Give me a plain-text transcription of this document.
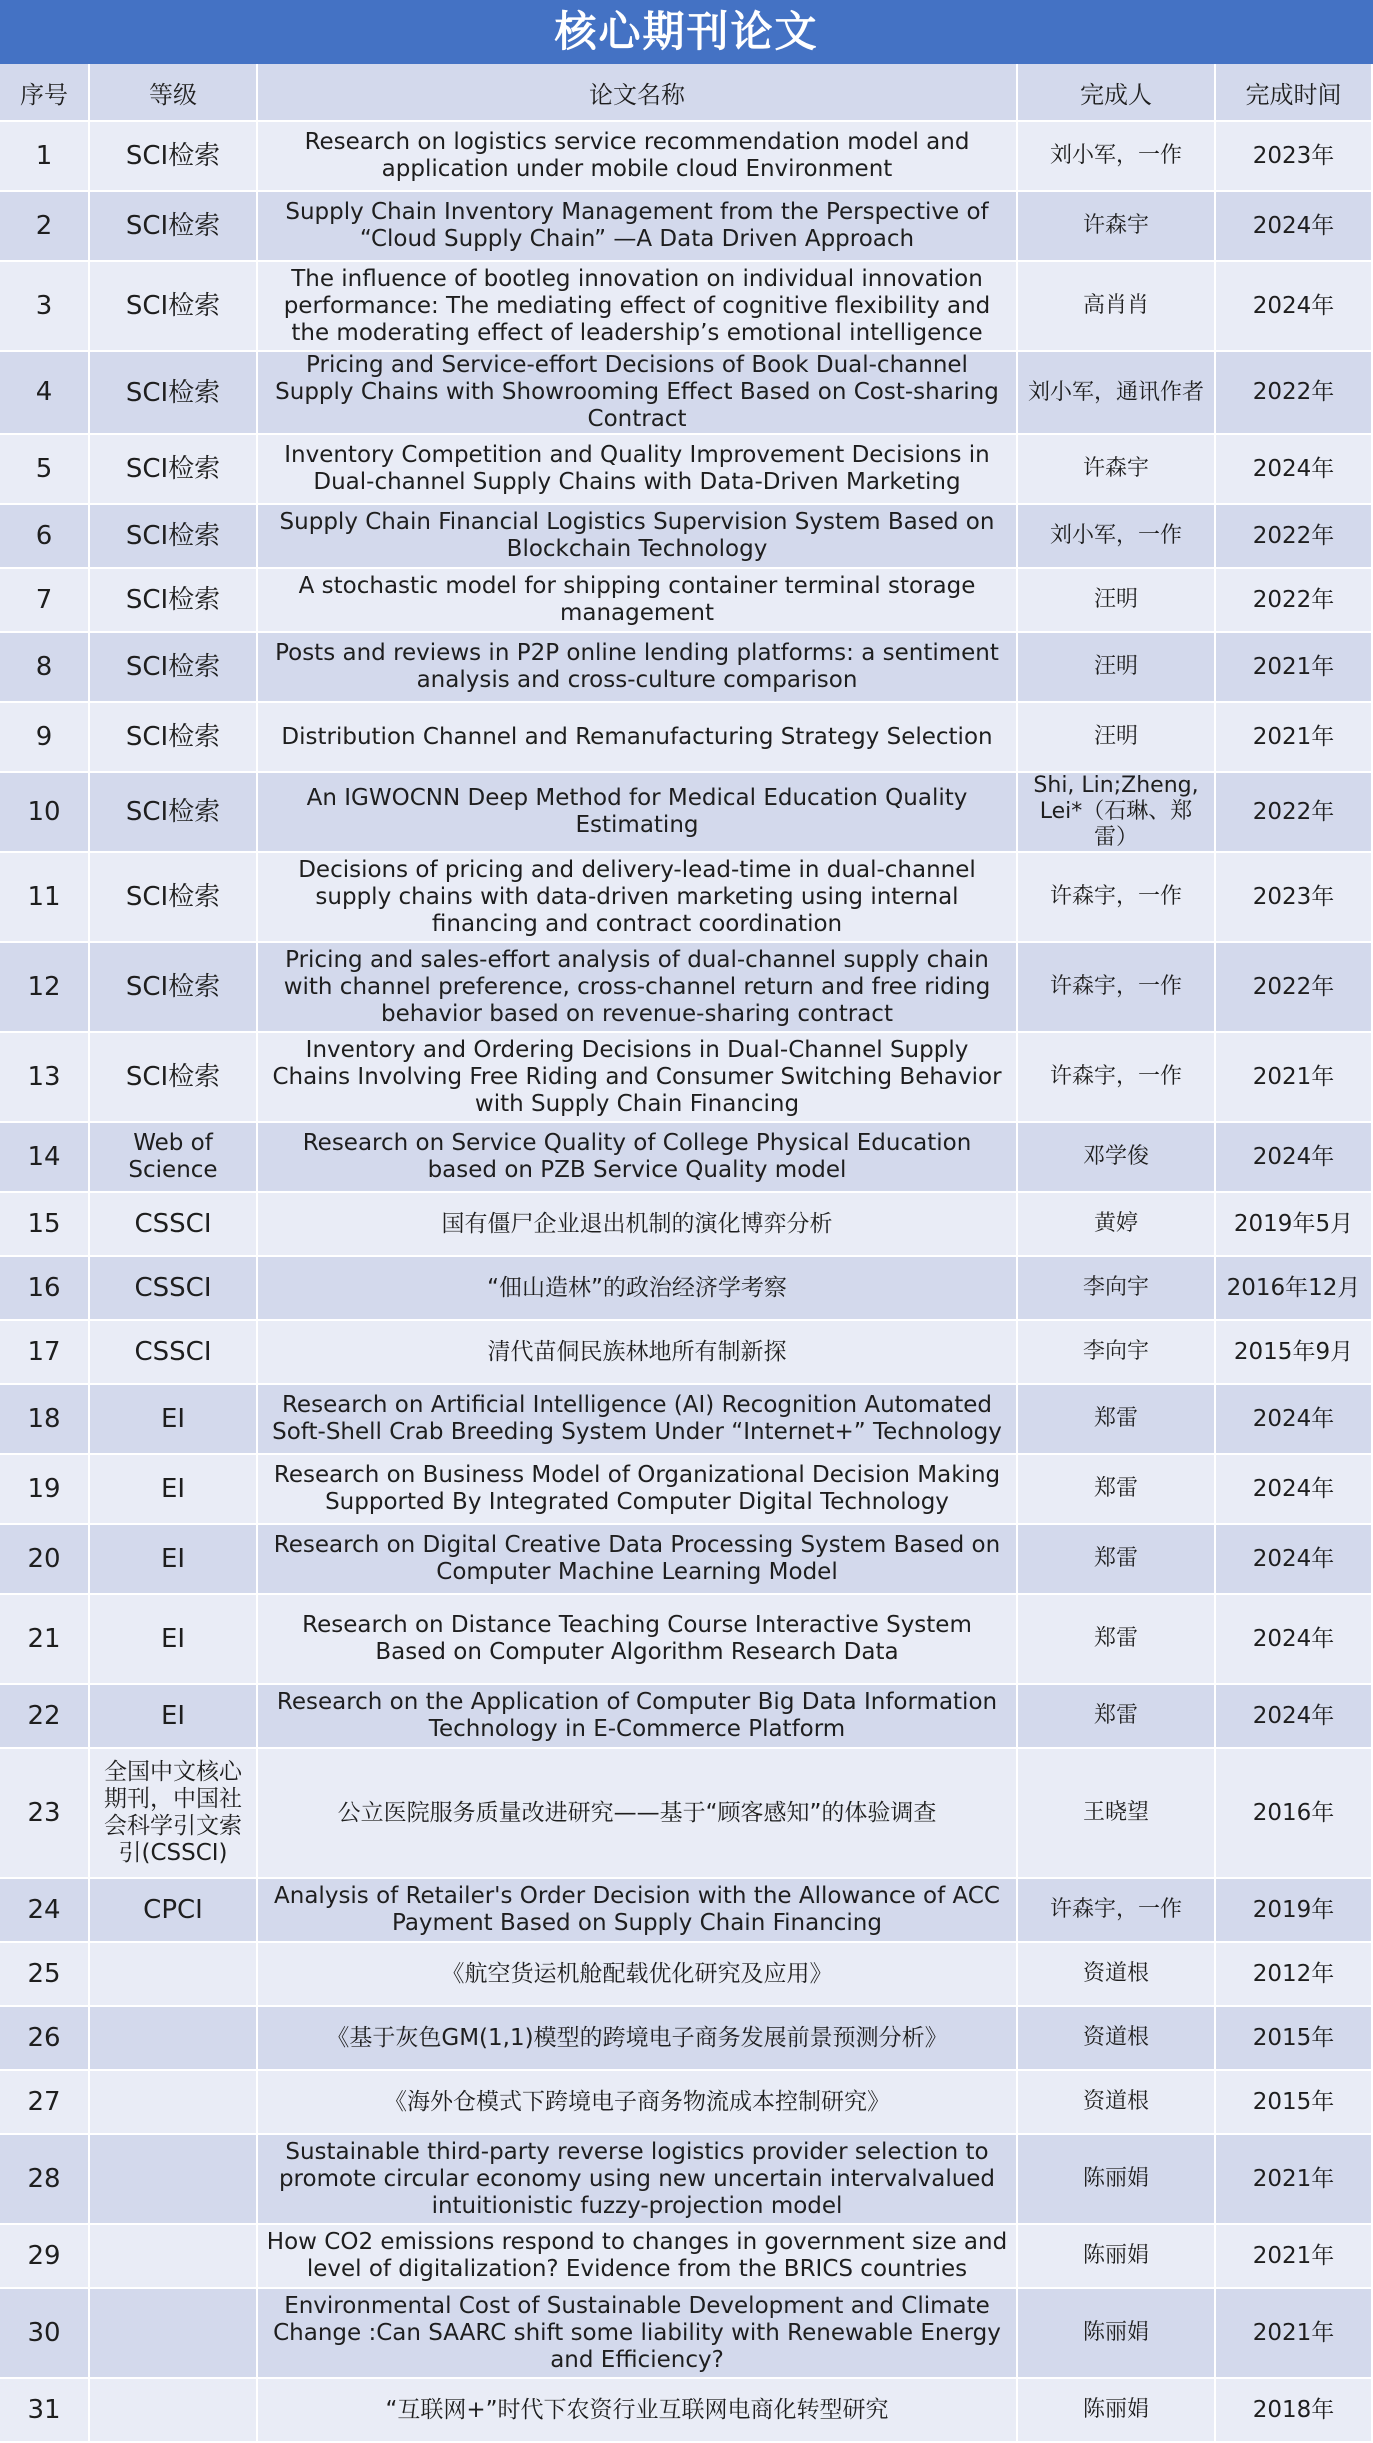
核心期刊论文
序号	等级	论文名称	完成人	完成时间
1	SCI检索	Research on logistics service recommendation model and application under mobile cloud Environment	刘小军，一作	2023年
2	SCI检索	Supply Chain Inventory Management from the Perspective of “Cloud Supply Chain” —A Data Driven Approach	许森宇	2024年
3	SCI检索	The influence of bootleg innovation on individual innovation performance: The mediating effect of cognitive flexibility and the moderating effect of leadership’s emotional intelligence	高肖肖	2024年
4	SCI检索	Pricing and Service-effort Decisions of Book Dual-channel Supply Chains with Showrooming Effect Based on Cost-sharing Contract	刘小军，通讯作者	2022年
5	SCI检索	Inventory Competition and Quality Improvement Decisions in Dual-channel Supply Chains with Data-Driven Marketing	许森宇	2024年
6	SCI检索	Supply Chain Financial Logistics Supervision System Based on Blockchain Technology	刘小军，一作	2022年
7	SCI检索	A stochastic model for shipping container terminal storage management	汪明	2022年
8	SCI检索	Posts and reviews in P2P online lending platforms: a sentiment analysis and cross-culture comparison	汪明	2021年
9	SCI检索	Distribution Channel and Remanufacturing Strategy Selection	汪明	2021年
10	SCI检索	An IGWOCNN Deep Method for Medical Education Quality Estimating	Shi, Lin;Zheng, Lei*（石琳、郑雷）	2022年
11	SCI检索	Decisions of pricing and delivery-lead-time in dual-channel supply chains with data-driven marketing using internal financing and contract coordination	许森宇，一作	2023年
12	SCI检索	Pricing and sales-effort analysis of dual-channel supply chain with channel preference, cross-channel return and free riding behavior based on revenue-sharing contract	许森宇，一作	2022年
13	SCI检索	Inventory and Ordering Decisions in Dual-Channel Supply Chains Involving Free Riding and Consumer Switching Behavior with Supply Chain Financing	许森宇，一作	2021年
14	Web of Science	Research on Service Quality of College Physical Education based on PZB Service Quality model	邓学俊	2024年
15	CSSCI	国有僵尸企业退出机制的演化博弈分析	黄婷	2019年5月
16	CSSCI	“佃山造林”的政治经济学考察	李向宇	2016年12月
17	CSSCI	清代苗侗民族林地所有制新探	李向宇	2015年9月
18	EI	Research on Artificial Intelligence (AI) Recognition Automated Soft-Shell Crab Breeding System Under “Internet+” Technology	郑雷	2024年
19	EI	Research on Business Model of Organizational Decision Making Supported By Integrated Computer Digital Technology	郑雷	2024年
20	EI	Research on Digital Creative Data Processing System Based on Computer Machine Learning Model	郑雷	2024年
21	EI	Research on Distance Teaching Course Interactive System Based on Computer Algorithm Research Data	郑雷	2024年
22	EI	Research on the Application of Computer Big Data Information Technology in E-Commerce Platform	郑雷	2024年
23	全国中文核心期刊，中国社会科学引文索引(CSSCI)	公立医院服务质量改进研究——基于“顾客感知”的体验调查	王晓望	2016年
24	CPCI	Analysis of Retailer's Order Decision with the Allowance of ACC Payment Based on Supply Chain Financing	许森宇，一作	2019年
25		《航空货运机舱配载优化研究及应用》	资道根	2012年
26		《基于灰色GM(1,1)模型的跨境电子商务发展前景预测分析》	资道根	2015年
27		《海外仓模式下跨境电子商务物流成本控制研究》	资道根	2015年
28		Sustainable third-party reverse logistics provider selection to promote circular economy using new uncertain intervalvalued intuitionistic fuzzy-projection model	陈丽娟	2021年
29		How CO2 emissions respond to changes in government size and level of digitalization? Evidence from the BRICS countries	陈丽娟	2021年
30		Environmental Cost of Sustainable Development and Climate Change :Can SAARC shift some liability with Renewable Energy and Efficiency?	陈丽娟	2021年
31		“互联网+”时代下农资行业互联网电商化转型研究	陈丽娟	2018年
